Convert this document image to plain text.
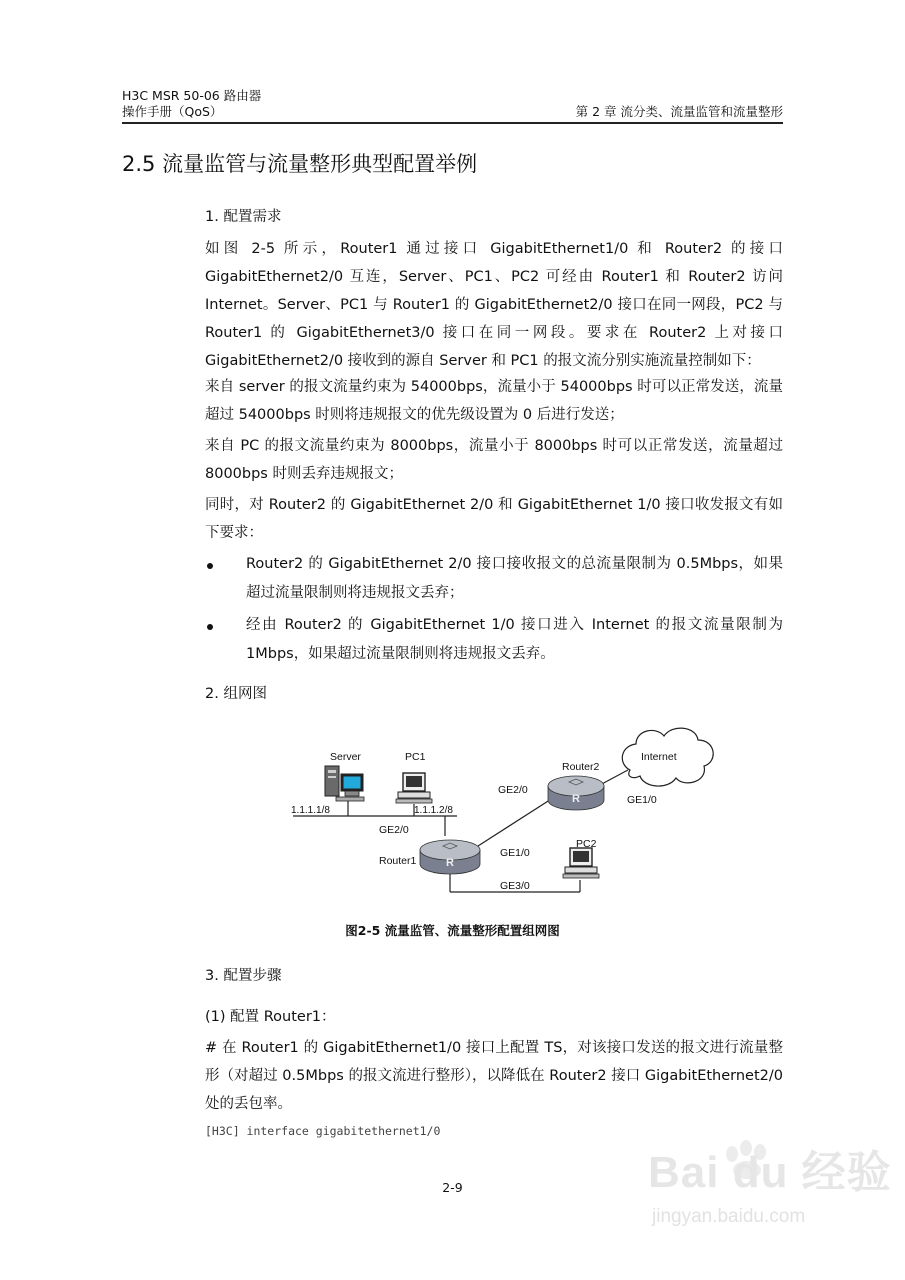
H3C MSR 50-06 路由器
操作手册（QoS）	第 2 章 流分类、流量监管和流量整形
2.5 流量监管与流量整形典型配置举例
1. 配置需求

如图 2-5 所示，Router1 通过接口 GigabitEthernet1/0 和 Router2 的接口 GigabitEthernet2/0 互连，Server、PC1、PC2 可经由 Router1 和 Router2 访问 Internet。Server、PC1 与 Router1 的 GigabitEthernet2/0 接口在同一网段，PC2 与 Router1 的 GigabitEthernet3/0 接口在同一网段。要求在 Router2 上对接口 GigabitEthernet2/0 接收到的源自 Server 和 PC1 的报文流分别实施流量控制如下：

来自 server 的报文流量约束为 54000bps，流量小于 54000bps 时可以正常发送，流量超过 54000bps 时则将违规报文的优先级设置为 0 后进行发送；

来自 PC 的报文流量约束为 8000bps，流量小于 8000bps 时可以正常发送，流量超过 8000bps 时则丢弃违规报文；

同时，对 Router2 的 GigabitEthernet 2/0 和 GigabitEthernet 1/0 接口收发报文有如下要求：

Router2 的 GigabitEthernet 2/0 接口接收报文的总流量限制为 0.5Mbps，如果超过流量限制则将违规报文丢弃；

经由 Router2 的 GigabitEthernet 1/0 接口进入 Internet 的报文流量限制为 1Mbps，如果超过流量限制则将违规报文丢弃。

2. 组网图
R
R
Server	PC1
1.1.1.1/8	1.1.1.2/8
GE2/0
Router1
GE1/0
GE3/0
Router2
GE2/0
GE1/0
Internet
PC2
图2-5 流量监管、流量整形配置组网图
3. 配置步骤
(1) 配置 Router1：

# 在 Router1 的 GigabitEthernet1/0 接口上配置 TS，对该接口发送的报文进行流量整形（对超过 0.5Mbps 的报文流进行整形），以降低在 Router2 接口 GigabitEthernet2/0 处的丢包率。

[H3C] interface gigabitethernet1/0
2-9	Bai du 经验
jingyan.baidu.com
